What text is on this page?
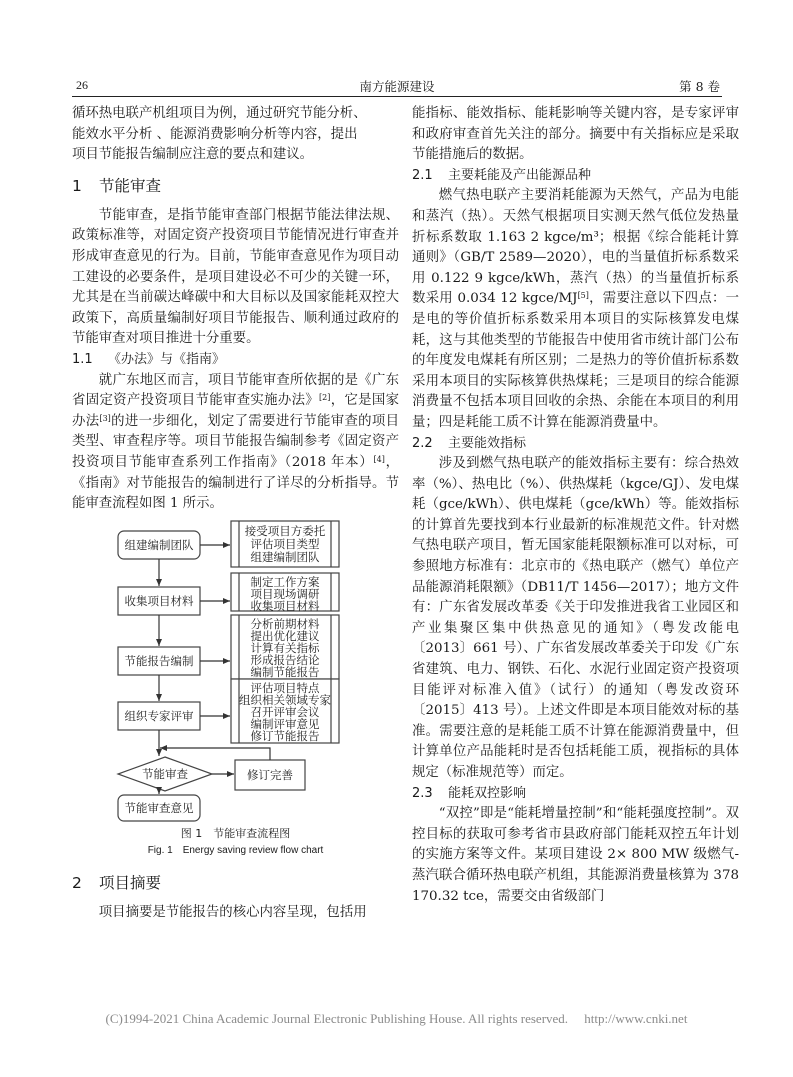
26	南方能源建设	第 8 卷

循环热电联产机组项目为例，通过研究节能分析、

能效水平分析 、能源消费影响分析等内容，提出

项目节能报告编制应注意的要点和建议。

1 节能审查

节能审查，是指节能审查部门根据节能法律法规、政策标准等，对固定资产投资项目节能情况进行审查并形成审查意见的行为。目前，节能审查意见作为项目动工建设的必要条件，是项目建设必不可少的关键一环，尤其是在当前碳达峰碳中和大目标以及国家能耗双控大政策下，高质量编制好项目节能报告、顺利通过政府的节能审查对项目推进十分重要。

1.1 《办法》与《指南》

就广东地区而言，项目节能审查所依据的是《广东省固定资产投资项目节能审查实施办法》[2]，它是国家办法[3]的进一步细化，划定了需要进行节能审查的项目类型、审查程序等。项目节能报告编制参考《固定资产投资项目节能审查系列工作指南》（2018 年本）[4]，《指南》对节能报告的编制进行了详尽的分析指导。节能审查流程如图 1 所示。

组建编制团队
收集项目材料
节能报告编制
组织专家评审
节能审查
节能审查意见
修订完善
接受项目方委托
评估项目类型
组建编制团队
制定工作方案
项目现场调研
收集项目材料
分析前期材料
提出优化建议
计算有关指标
形成报告结论
编制节能报告
评估项目特点
组织相关领域专家
召开评审会议
编制评审意见
修订节能报告
图 1　节能审查流程图
Fig. 1　Energy saving review flow chart
2 项目摘要

项目摘要是节能报告的核心内容呈现，包括用

能指标、能效指标、能耗影响等关键内容，是专家评审和政府审查首先关注的部分。摘要中有关指标应是采取节能措施后的数据。

2.1 主要耗能及产出能源品种

燃气热电联产主要消耗能源为天然气，产品为电能和蒸汽（热）。天然气根据项目实测天然气低位发热量折标系数取 1.163 2 kgce/m³；根据《综合能耗计算通则》（GB/T 2589—2020），电的当量值折标系数采用 0.122 9 kgce/kWh，蒸汽（热）的当量值折标系数采用 0.034 12 kgce/MJ[5]，需要注意以下四点：一是电的等价值折标系数采用本项目的实际核算发电煤耗，这与其他类型的节能报告中使用省市统计部门公布的年度发电煤耗有所区别；二是热力的等价值折标系数采用本项目的实际核算供热煤耗；三是项目的综合能源消费量不包括本项目回收的余热、余能在本项目的利用量；四是耗能工质不计算在能源消费量中。

2.2 主要能效指标

涉及到燃气热电联产的能效指标主要有：综合热效率（%）、热电比（%）、供热煤耗（kgce/GJ）、发电煤耗（gce/kWh）、供电煤耗（gce/kWh）等。能效指标的计算首先要找到本行业最新的标准规范文件。针对燃气热电联产项目，暂无国家能耗限额标准可以对标，可参照地方标准有：北京市的《热电联产（燃气）单位产品能源消耗限额》（DB11/T 1456—2017）；地方文件有：广东省发展改革委《关于印发推进我省工业园区和产业集聚区集中供热意见的通知》（粤发改能电〔2013〕661 号）、广东省发展改革委关于印发《广东省建筑、电力、钢铁、石化、水泥行业固定资产投资项目能评对标准入值》（试行）的通知（粤发改资环〔2015〕413 号）。上述文件即是本项目能效对标的基准。需要注意的是耗能工质不计算在能源消费量中，但计算单位产品能耗时是否包括耗能工质，视指标的具体规定（标准规范等）而定。

2.3 能耗双控影响

“双控”即是“能耗增量控制”和“能耗强度控制”。双控目标的获取可参考省市县政府部门能耗双控五年计划的实施方案等文件。某项目建设 2× 800 MW 级燃气-蒸汽联合循环热电联产机组，其能源消费量核算为 378 170.32 tce，需要交由省级部门

(C)1994-2021 China Academic Journal Electronic Publishing House. All rights reserved.　 http://www.cnki.net
